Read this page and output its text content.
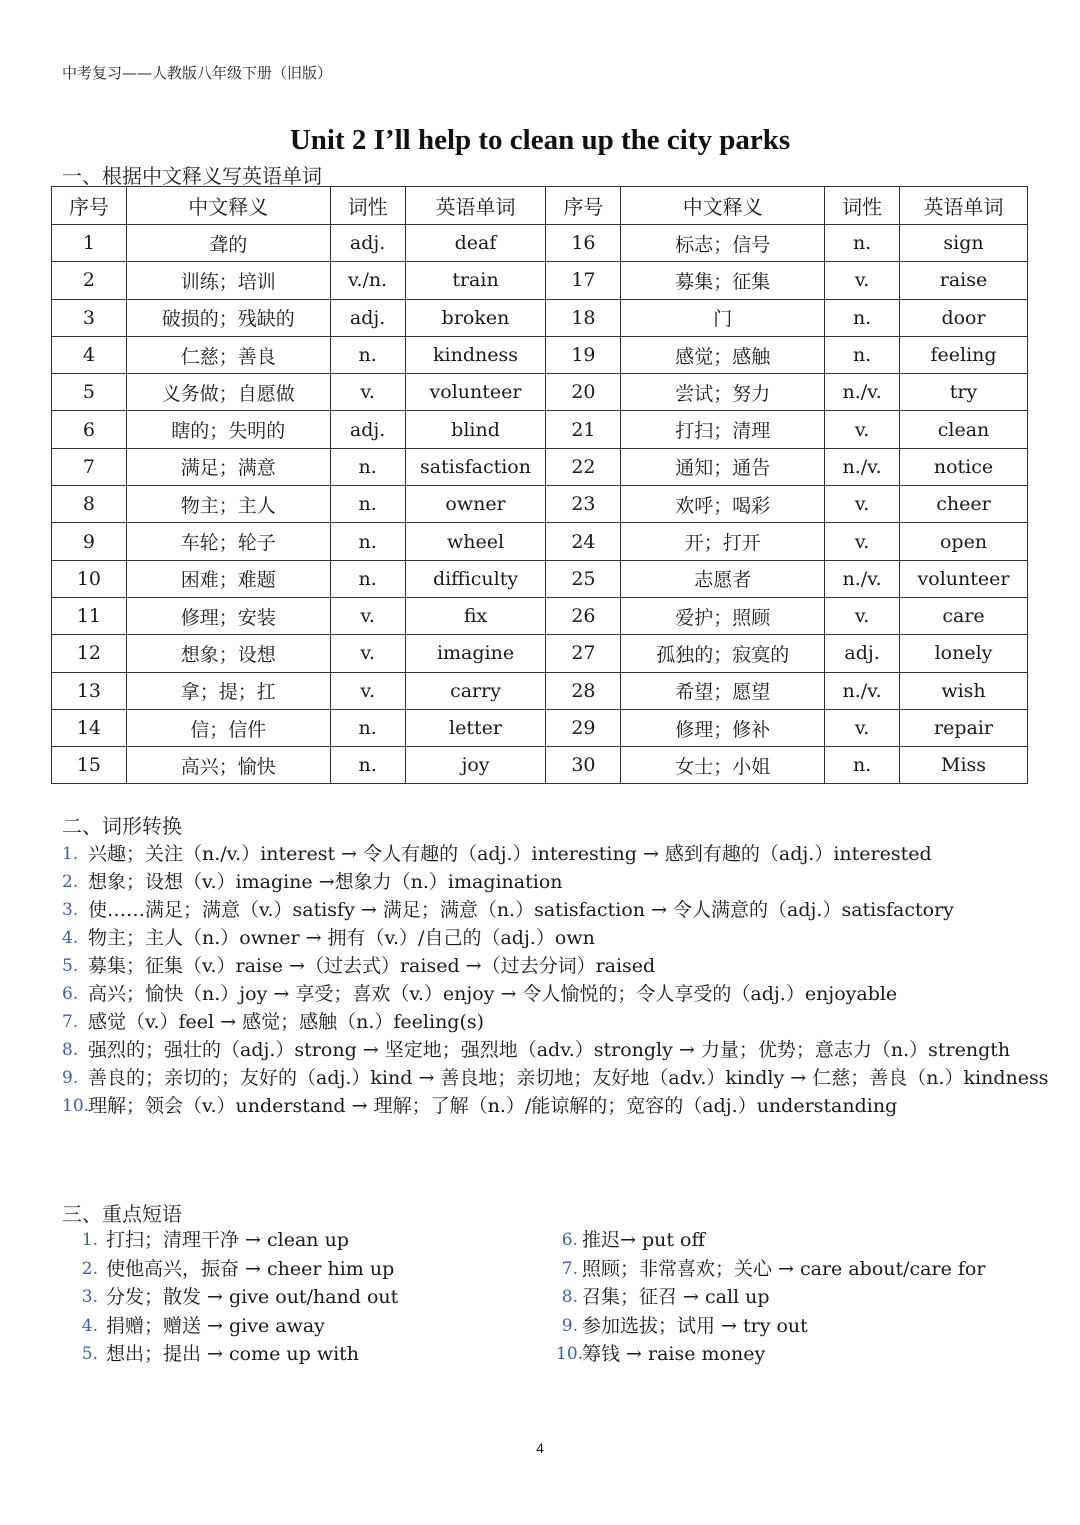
中考复习——人教版八年级下册（旧版）
Unit 2 I’ll help to clean up the city parks
一、根据中文释义写英语单词
序号	中文释义	词性	英语单词	序号	中文释义	词性	英语单词
1	聋的	adj.	deaf	16	标志；信号	n.	sign
2	训练；培训	v./n.	train	17	募集；征集	v.	raise
3	破损的；残缺的	adj.	broken	18	门	n.	door
4	仁慈；善良	n.	kindness	19	感觉；感触	n.	feeling
5	义务做；自愿做	v.	volunteer	20	尝试；努力	n./v.	try
6	瞎的；失明的	adj.	blind	21	打扫；清理	v.	clean
7	满足；满意	n.	satisfaction	22	通知；通告	n./v.	notice
8	物主；主人	n.	owner	23	欢呼；喝彩	v.	cheer
9	车轮；轮子	n.	wheel	24	开；打开	v.	open
10	困难；难题	n.	difficulty	25	志愿者	n./v.	volunteer
11	修理；安装	v.	fix	26	爱护；照顾	v.	care
12	想象；设想	v.	imagine	27	孤独的；寂寞的	adj.	lonely
13	拿；提；扛	v.	carry	28	希望；愿望	n./v.	wish
14	信；信件	n.	letter	29	修理；修补	v.	repair
15	高兴；愉快	n.	joy	30	女士；小姐	n.	Miss
二、词形转换
1. 兴趣；关注（n./v.）interest → 令人有趣的（adj.）interesting → 感到有趣的（adj.）interested
2. 想象；设想（v.）imagine →想象力（n.）imagination
3. 使……满足；满意（v.）satisfy → 满足；满意（n.）satisfaction → 令人满意的（adj.）satisfactory
4. 物主；主人（n.）owner → 拥有（v.）/自己的（adj.）own
5. 募集；征集（v.）raise →（过去式）raised →（过去分词）raised
6. 高兴；愉快（n.）joy → 享受；喜欢（v.）enjoy → 令人愉悦的；令人享受的（adj.）enjoyable
7. 感觉（v.）feel → 感觉；感触（n.）feeling(s)
8. 强烈的；强壮的（adj.）strong → 坚定地；强烈地（adv.）strongly → 力量；优势；意志力（n.）strength
9. 善良的；亲切的；友好的（adj.）kind → 善良地；亲切地；友好地（adv.）kindly → 仁慈；善良（n.）kindness
10.
理解；领会（v.）understand → 理解；了解（n.）/能谅解的；宽容的（adj.）understanding
三、重点短语
1. 打扫；清理干净 → clean up
2. 使他高兴，振奋 → cheer him up
3. 分发；散发 → give out/hand out
4. 捐赠；赠送 → give away
5. 想出；提出 → come up with
6. 推迟→ put off
7. 照顾；非常喜欢；关心 → care about/care for
8. 召集；征召 → call up
9. 参加选拔；试用 → try out
10.
筹钱 → raise money
4
